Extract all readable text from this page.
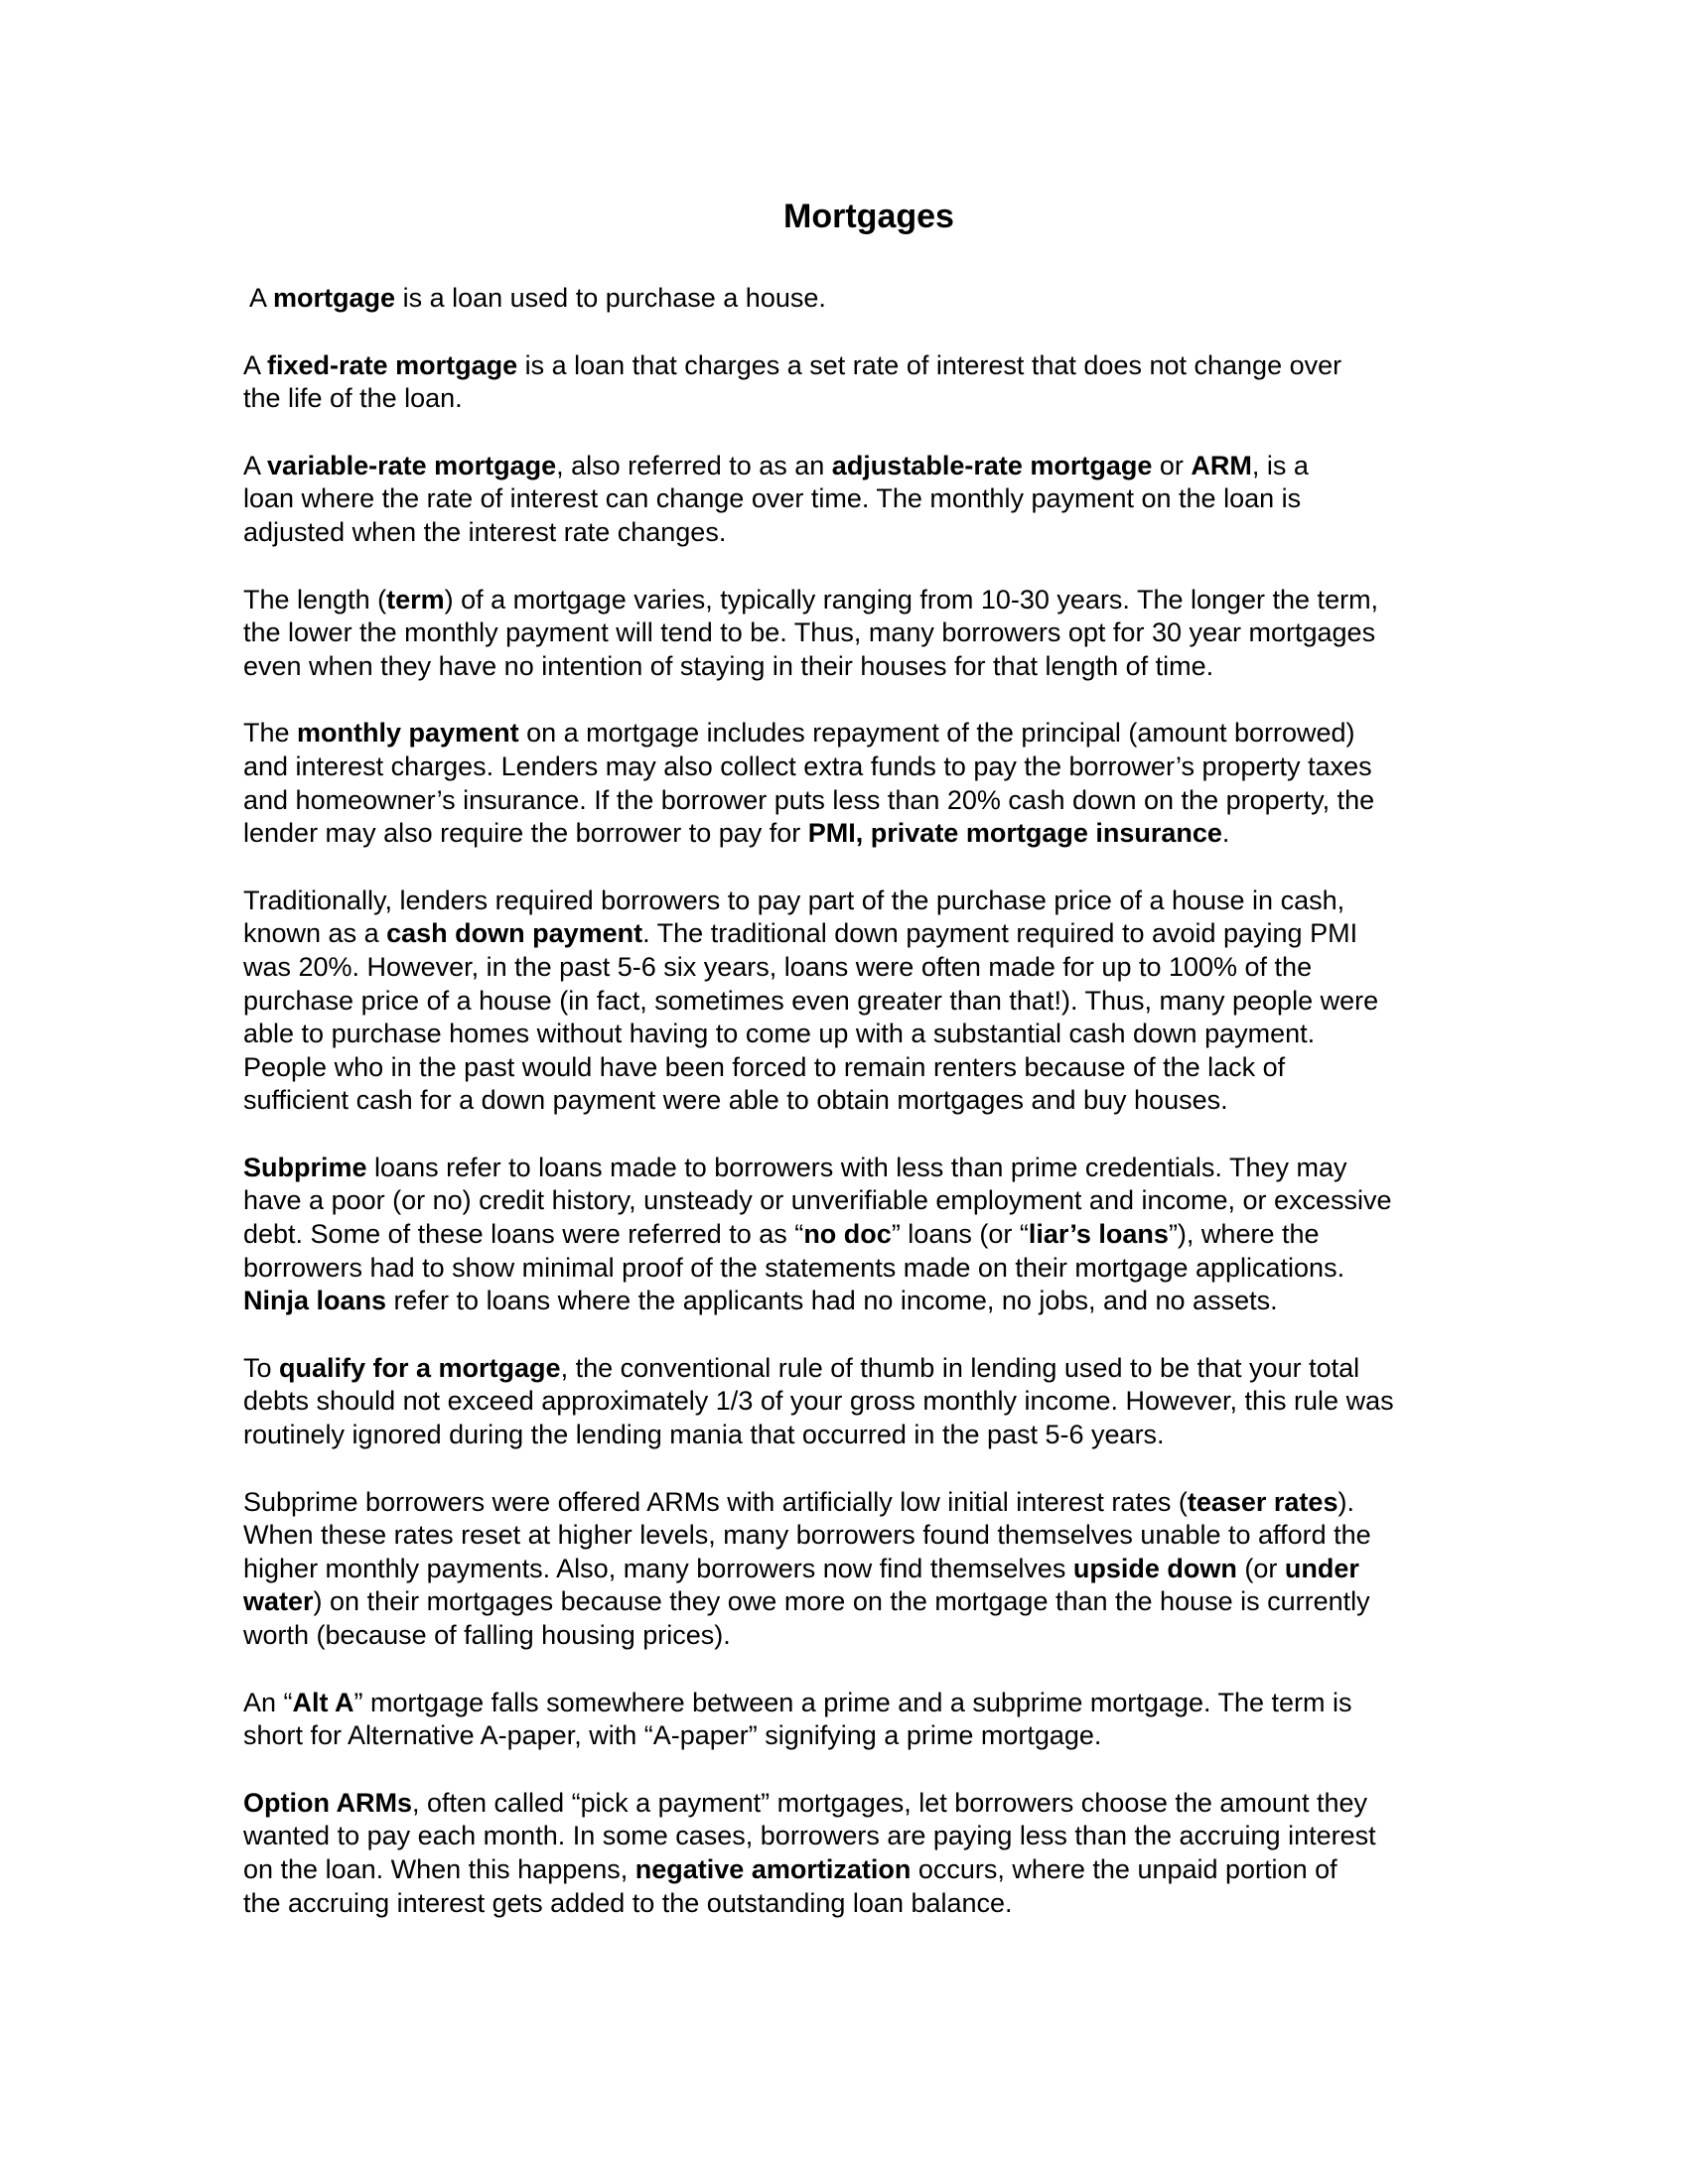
Mortgages

A mortgage is a loan used to purchase a house.

A fixed-rate mortgage is a loan that charges a set rate of interest that does not change over
the life of the loan.

A variable-rate mortgage, also referred to as an adjustable-rate mortgage or ARM, is a
loan where the rate of interest can change over time. The monthly payment on the loan is
adjusted when the interest rate changes.

The length (term) of a mortgage varies, typically ranging from 10-30 years. The longer the term,
the lower the monthly payment will tend to be. Thus, many borrowers opt for 30 year mortgages
even when they have no intention of staying in their houses for that length of time.

The monthly payment on a mortgage includes repayment of the principal (amount borrowed)
and interest charges. Lenders may also collect extra funds to pay the borrower’s property taxes
and homeowner’s insurance. If the borrower puts less than 20% cash down on the property, the
lender may also require the borrower to pay for PMI, private mortgage insurance.

Traditionally, lenders required borrowers to pay part of the purchase price of a house in cash,
known as a cash down payment. The traditional down payment required to avoid paying PMI
was 20%. However, in the past 5-6 six years, loans were often made for up to 100% of the
purchase price of a house (in fact, sometimes even greater than that!). Thus, many people were
able to purchase homes without having to come up with a substantial cash down payment.
People who in the past would have been forced to remain renters because of the lack of
sufficient cash for a down payment were able to obtain mortgages and buy houses.

Subprime loans refer to loans made to borrowers with less than prime credentials. They may
have a poor (or no) credit history, unsteady or unverifiable employment and income, or excessive
debt. Some of these loans were referred to as “no doc” loans (or “liar’s loans”), where the
borrowers had to show minimal proof of the statements made on their mortgage applications.
Ninja loans refer to loans where the applicants had no income, no jobs, and no assets.

To qualify for a mortgage, the conventional rule of thumb in lending used to be that your total
debts should not exceed approximately 1/3 of your gross monthly income. However, this rule was
routinely ignored during the lending mania that occurred in the past 5-6 years.

Subprime borrowers were offered ARMs with artificially low initial interest rates (teaser rates).
When these rates reset at higher levels, many borrowers found themselves unable to afford the
higher monthly payments. Also, many borrowers now find themselves upside down (or under
water) on their mortgages because they owe more on the mortgage than the house is currently
worth (because of falling housing prices).

An “Alt A” mortgage falls somewhere between a prime and a subprime mortgage. The term is
short for Alternative A-paper, with “A-paper” signifying a prime mortgage.

Option ARMs, often called “pick a payment” mortgages, let borrowers choose the amount they
wanted to pay each month. In some cases, borrowers are paying less than the accruing interest
on the loan. When this happens, negative amortization occurs, where the unpaid portion of
the accruing interest gets added to the outstanding loan balance.
